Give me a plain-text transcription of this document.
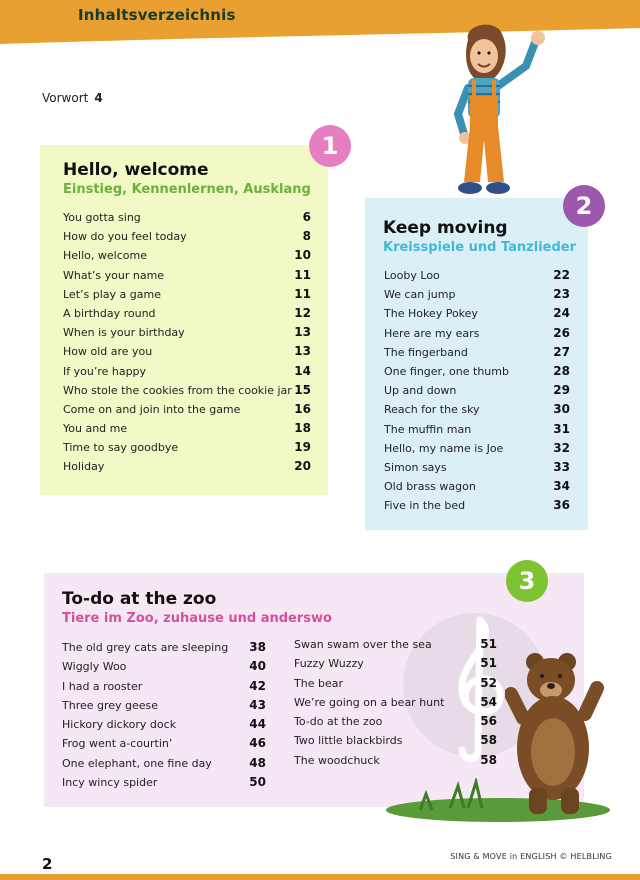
Inhaltsverzeichnis
Vorwort 4
1
Hello, welcome
Einstieg, Kennenlernen, Ausklang
You gotta sing	6
How do you feel today	8
Hello, welcome	10
What’s your name	11
Let’s play a game	11
A birthday round	12
When is your birthday	13
How old are you	13
If you’re happy	14
Who stole the cookies from the cookie jar 15
Come on and join into the game	16
You and me	18
Time to say goodbye	19
Holiday	20
2
Keep moving
Kreisspiele und Tanzlieder
Looby Loo	22
We can jump	23
The Hokey Pokey	24
Here are my ears	26
The fingerband	27
One finger, one thumb	28
Up and down	29
Reach for the sky	30
The muffin man	31
Hello, my name is Joe	32
Simon says	33
Old brass wagon	34
Five in the bed	36
3
To-do at the zoo
Tiere im Zoo, zuhause und anderswo
The old grey cats are sleeping 38
Wiggly Woo	40
I had a rooster	42
Three grey geese	43
Hickory dickory dock	44
Frog went a-courtin’	46
One elephant, one fine day	48
Incy wincy spider	50
Swan swam over the sea	51
Fuzzy Wuzzy	51
The bear	52
We’re going on a bear hunt	54
To-do at the zoo	56
Two little blackbirds	58
The woodchuck	58
2	SING & MOVE in ENGLISH © HELBLING
